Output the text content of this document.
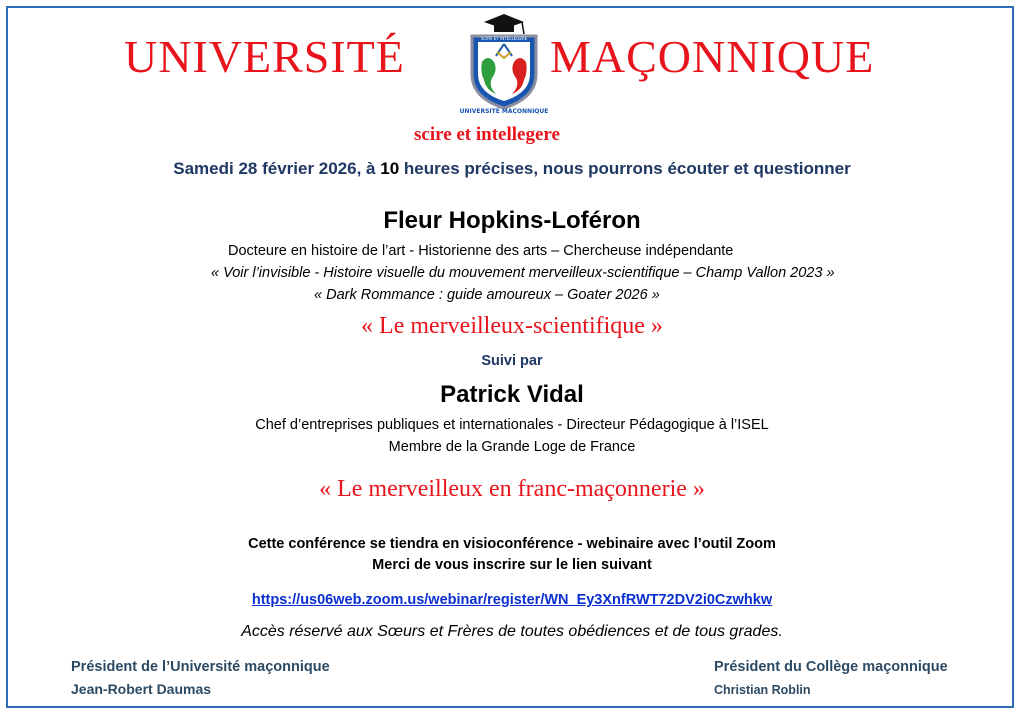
UNIVERSITÉ	SCIRE ET INTELLEGERE
UNIVERSITÉ MAÇONNIQUE
MAÇONNIQUE
scire et intellegere
Samedi 28 février 2026, à 10 heures précises, nous pourrons écouter et questionner
Fleur Hopkins-Loféron
Docteure en histoire de l’art - Historienne des arts – Chercheuse indépendante
« Voir l’invisible - Histoire visuelle du mouvement merveilleux-scientifique – Champ Vallon 2023 »
« Dark Rommance : guide amoureux – Goater 2026 »
« Le merveilleux-scientifique »
Suivi par
Patrick Vidal
Chef d’entreprises publiques et internationales - Directeur Pédagogique à l’ISEL
Membre de la Grande Loge de France
« Le merveilleux en franc-maçonnerie »
Cette conférence se tiendra en visioconférence - webinaire avec l’outil Zoom
Merci de vous inscrire sur le lien suivant
https://us06web.zoom.us/webinar/register/WN_Ey3XnfRWT72DV2i0Czwhkw
Accès réservé aux Sœurs et Frères de toutes obédiences et de tous grades.
Président de l’Université maçonnique
Jean-Robert Daumas
Président du Collège maçonnique
Christian Roblin
